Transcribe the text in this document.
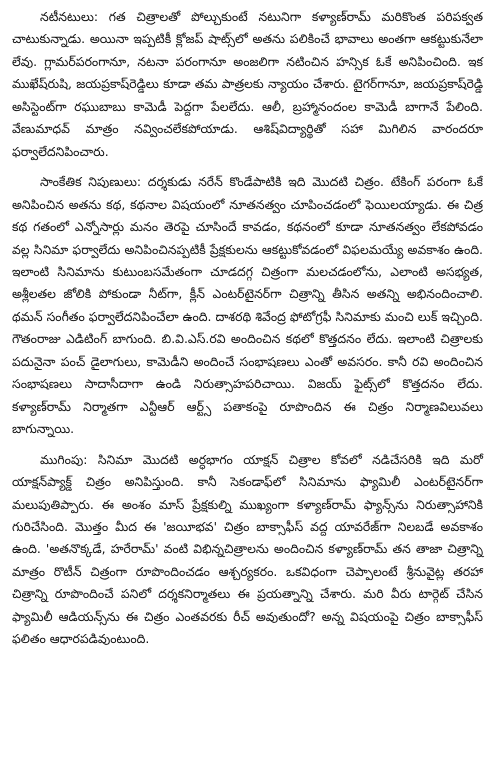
నటీనటులు: గత చిత్రాలతో పోల్చుకుంటే నటునిగా కళ్యాణ్‌రామ్ మరికొంత పరిపక్వత చాటుకున్నాడు. అయినా ఇప్పటికీ క్లోజప్ షాట్స్‌లో అతను పలికించే భావాలు అంతగా ఆకట్టుకునేలా లేవు. గ్లామర్‌పరంగానూ, నటనా పరంగానూ అంజలిగా నటించిన హన్సిక ఓకే అనిపించింది. ఇక ముఖేష్‌రుషి, జయప్రకాష్‌రెడ్డిలు కూడా తమ పాత్రలకు న్యాయం చేశారు. టైగర్‌గానూ, జయప్రకాష్‌రెడ్డి అసిస్టెంట్‌గా రఘుబాబు కామెడీ పెద్దగా పేలలేదు. ఆలీ, బ్రహ్మానందంల కామెడీ బాగానే పేలింది. వేణుమాధవ్ మాత్రం నవ్వించలేకపోయాడు. ఆశిష్‌విద్యార్థితో సహా మిగిలిన వారందరూ ఫర్వాలేదనిపించారు.

సాంకేతిక నిపుణులు: దర్శకుడు నరేన్ కొండేపాటికి ఇది మొదటి చిత్రం. టేకింగ్ పరంగా ఓకే అనిపించిన అతను కథ, కథనాల విషయంలో నూతనత్వం చూపించడంలో ఫెయిలయ్యాడు. ఈ చిత్ర కథ గతంలో ఎన్నోసార్లు మనం తెరపై చూసిందే కావడం, కథనంలో కూడా నూతనత్వం లేకపోవడం వల్ల సినిమా ఫర్వాలేదు అనిపించినప్పటికీ ప్రేక్షకులను ఆకట్టుకోవడంలో విఫలమయ్యే అవకాశం ఉంది. ఇలాంటి సినిమాను కుటుంబసమేతంగా చూడదగ్గ చిత్రంగా మలచడంలోను, ఎలాంటి అసభ్యత, అశ్లీలతల జోలికి పోకుండా నీట్‌గా, క్లీన్ ఎంటర్‌టైనర్‌గా చిత్రాన్ని తీసిన అతన్ని అభినందించాలి. థమన్ సంగీతం ఫర్వాలేదనిపించేలా ఉంది. దాశరథి శివేంద్ర ఫోటోగ్రఫీ సినిమాకు మంచి లుక్ ఇచ్చింది. గౌతంరాజు ఎడిటింగ్ బాగుంది. బి.వి.ఎస్.రవి అందించిన కథలో కొత్తదనం లేదు. ఇలాంటి చిత్రాలకు పదునైనా పంచ్ డైలాగులు, కామెడీని అందించే సంభాషణలు ఎంతో అవసరం. కానీ రవి అందించిన సంభాషణలు సాదాసీదాగా ఉండి నిరుత్సాహపరిచాయి. విజయ్ ఫైట్స్‌లో కొత్తదనం లేదు. కళ్యాణ్‌రామ్ నిర్మాతగా ఎన్టీఆర్ ఆర్ట్స్ పతాకంపై రూపొందిన ఈ చిత్రం నిర్మాణవిలువలు బాగున్నాయి.

ముగింపు: సినిమా మొదటి అర్ధభాగం యాక్షన్ చిత్రాల కోవలో నడిచేసరికి ఇది మరో యాక్షన్‌ప్యాక్డ్ చిత్రం అనిపిస్తుంది. కానీ సెకండాఫ్‌లో సినిమాను ఫ్యామిలీ ఎంటర్‌టైనర్‌గా మలుపుతిప్పారు. ఈ అంశం మాస్ ప్రేక్షకుల్ని ముఖ్యంగా కళ్యాణ్‌రామ్ ఫ్యాన్స్‌ను నిరుత్సాహానికి గురిచేసింది. మొత్తం మీద ఈ 'జయీభవ' చిత్రం బాక్సాఫీస్ వద్ద యావరేజ్‌గా నిలబడే అవకాశం ఉంది. 'అతనొక్కడే, హరేరామ్' వంటి విభిన్నచిత్రాలను అందించిన కళ్యాణ్‌రామ్ తన తాజా చిత్రాన్ని మాత్రం రొటీన్ చిత్రంగా రూపొందించడం ఆశ్చర్యకరం. ఒకవిధంగా చెప్పాలంటే శ్రీనువైట్ల తరహా చిత్రాన్ని రూపొందించే పనిలో దర్శకనిర్మాతలు ఈ ప్రయత్నాన్ని చేశారు. మరి వీరు టార్గెట్ చేసిన ఫ్యామిలీ ఆడియన్స్‌ను ఈ చిత్రం ఎంతవరకు రీచ్ అవుతుందో? అన్న విషయంపై చిత్రం బాక్సాఫీస్ ఫలితం ఆధారపడివుంటుంది.
